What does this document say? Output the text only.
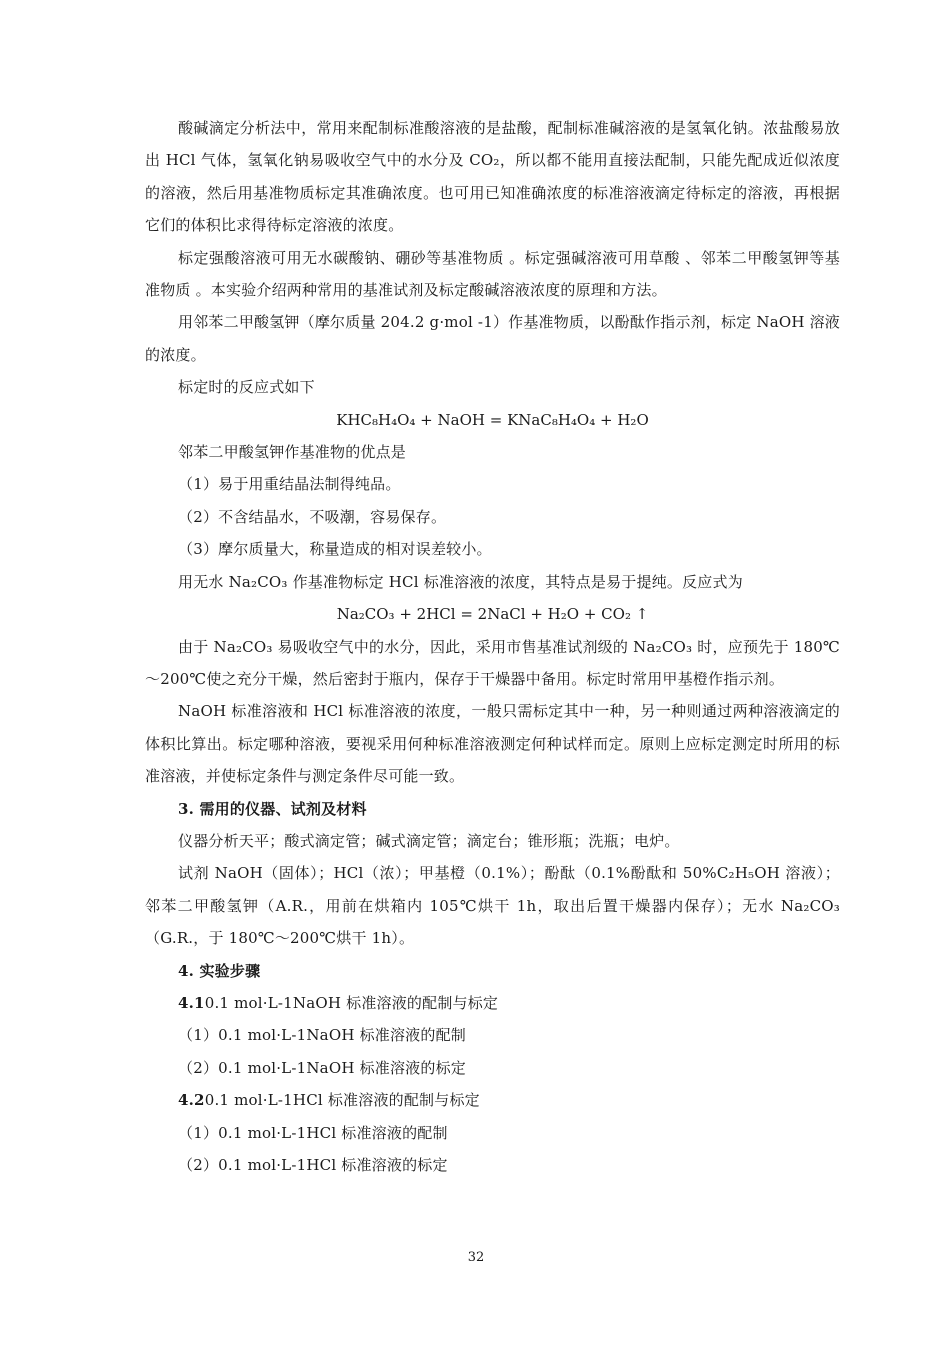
酸碱滴定分析法中，常用来配制标准酸溶液的是盐酸，配制标准碱溶液的是氢氧化钠。浓盐酸易放出 HCl 气体，氢氧化钠易吸收空气中的水分及 CO₂，所以都不能用直接法配制，只能先配成近似浓度的溶液，然后用基准物质标定其准确浓度。也可用已知准确浓度的标准溶液滴定待标定的溶液，再根据它们的体积比求得待标定溶液的浓度。

标定强酸溶液可用无水碳酸钠、硼砂等基准物质 。标定强碱溶液可用草酸 、邻苯二甲酸氢钾等基准物质 。本实验介绍两种常用的基准试剂及标定酸碱溶液浓度的原理和方法。

用邻苯二甲酸氢钾（摩尔质量 204.2 g·mol -1）作基准物质，以酚酞作指示剂，标定 NaOH 溶液的浓度。

标定时的反应式如下

KHC₈H₄O₄ + NaOH = KNaC₈H₄O₄ + H₂O

邻苯二甲酸氢钾作基准物的优点是

（1）易于用重结晶法制得纯品。

（2）不含结晶水，不吸潮，容易保存。

（3）摩尔质量大，称量造成的相对误差较小。

用无水 Na₂CO₃ 作基准物标定 HCl 标准溶液的浓度，其特点是易于提纯。反应式为

Na₂CO₃ + 2HCl = 2NaCl + H₂O + CO₂ ↑

由于 Na₂CO₃ 易吸收空气中的水分，因此，采用市售基准试剂级的 Na₂CO₃ 时，应预先于 180℃～200℃使之充分干燥，然后密封于瓶内，保存于干燥器中备用。标定时常用甲基橙作指示剂。

NaOH 标准溶液和 HCl 标准溶液的浓度，一般只需标定其中一种，另一种则通过两种溶液滴定的体积比算出。标定哪种溶液，要视采用何种标准溶液测定何种试样而定。原则上应标定测定时所用的标准溶液，并使标定条件与测定条件尽可能一致。

3. 需用的仪器、试剂及材料

仪器分析天平；酸式滴定管；碱式滴定管；滴定台；锥形瓶；洗瓶；电炉。

试剂 NaOH（固体）；HCl（浓）；甲基橙（0.1%）；酚酞（0.1%酚酞和 50%C₂H₅OH 溶液）；邻苯二甲酸氢钾（A.R.，用前在烘箱内 105℃烘干 1h，取出后置干燥器内保存）；无水 Na₂CO₃（G.R.，于 180℃～200℃烘干 1h）。

4. 实验步骤

4.10.1 mol·L-1NaOH 标准溶液的配制与标定

（1）0.1 mol·L-1NaOH 标准溶液的配制

（2）0.1 mol·L-1NaOH 标准溶液的标定

4.20.1 mol·L-1HCl 标准溶液的配制与标定

（1）0.1 mol·L-1HCl 标准溶液的配制

（2）0.1 mol·L-1HCl 标准溶液的标定

32
